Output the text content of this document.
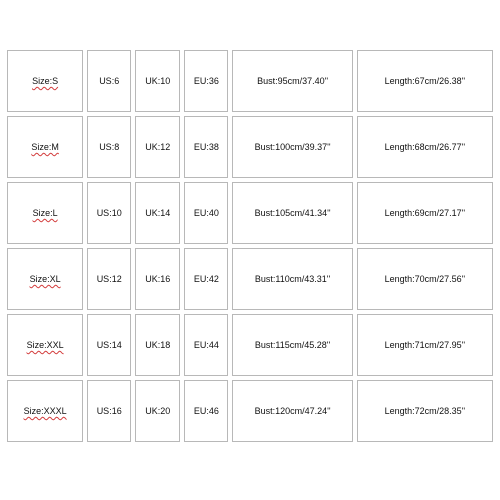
Size:S	US:6	UK:10	EU:36	Bust:95cm/37.40''	Length:67cm/26.38''
Size:M	US:8	UK:12	EU:38	Bust:100cm/39.37''	Length:68cm/26.77''
Size:L	US:10	UK:14	EU:40	Bust:105cm/41.34''	Length:69cm/27.17''
Size:XL	US:12	UK:16	EU:42	Bust:110cm/43.31''	Length:70cm/27.56''
Size:XXL	US:14	UK:18	EU:44	Bust:115cm/45.28''	Length:71cm/27.95''
Size:XXXL	US:16	UK:20	EU:46	Bust:120cm/47.24''	Length:72cm/28.35''
